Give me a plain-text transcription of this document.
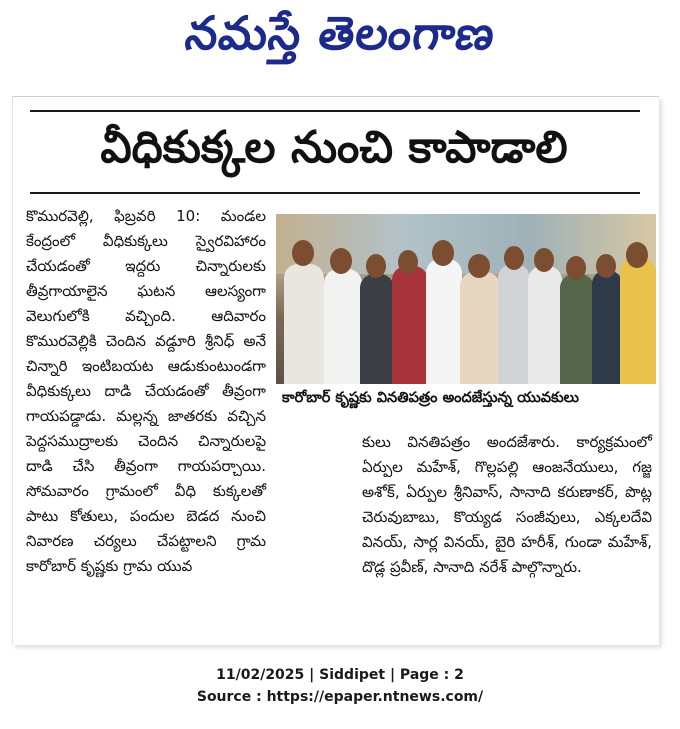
నమస్తే తెలంగాణ
వీధికుక్కల నుంచి కాపాడాలి

కొమురవెల్లి, ఫిబ్రవరి 10: మండల కేంద్రంలో వీధికుక్కలు స్వైరవిహారం చేయడంతో ఇద్దరు చిన్నారులకు తీవ్రగాయాలైన ఘటన ఆలస్యంగా వెలుగులోకి వచ్చింది. ఆదివారం కొమురవెల్లికి చెందిన వడ్దూరి శ్రీనిధ్ అనే చిన్నారి ఇంటిబయట ఆడుకుంటుండగా వీధికుక్కలు దాడి చేయడంతో తీవ్రంగా గాయపడ్డాడు. మల్లన్న జాతరకు వచ్చిన పెద్దసముద్రాలకు చెందిన చిన్నారులపై దాడి చేసి తీవ్రంగా గాయపర్చాయి. సోమవారం గ్రామంలో వీధి కుక్కలతో పాటు కోతులు, పందుల బెడద నుంచి నివారణ చర్యలు చేపట్టాలని గ్రామ కారోబార్ కృష్ణకు గ్రామ యువ

కారోబార్ కృష్ణకు వినతిపత్రం అందజేస్తున్న యువకులు

కులు వినతిపత్రం అందజేశారు. కార్యక్రమంలో ఏర్పుల మహేశ్, గొల్లపల్లి ఆంజనేయులు, గజ్జ అశోక్, ఏర్పుల శ్రీనివాస్, సానాది కరుణాకర్, పొట్ల చెరువుబాబు, కొయ్యడ సంజీవులు, ఎక్కలదేవి వినయ్, సార్ల వినయ్, బైరి హరీశ్, గుండా మహేశ్, దొడ్ల ప్రవీణ్, సానాది నరేశ్ పాల్గొన్నారు.

11/02/2025 | Siddipet | Page : 2
Source : https://epaper.ntnews.com/
